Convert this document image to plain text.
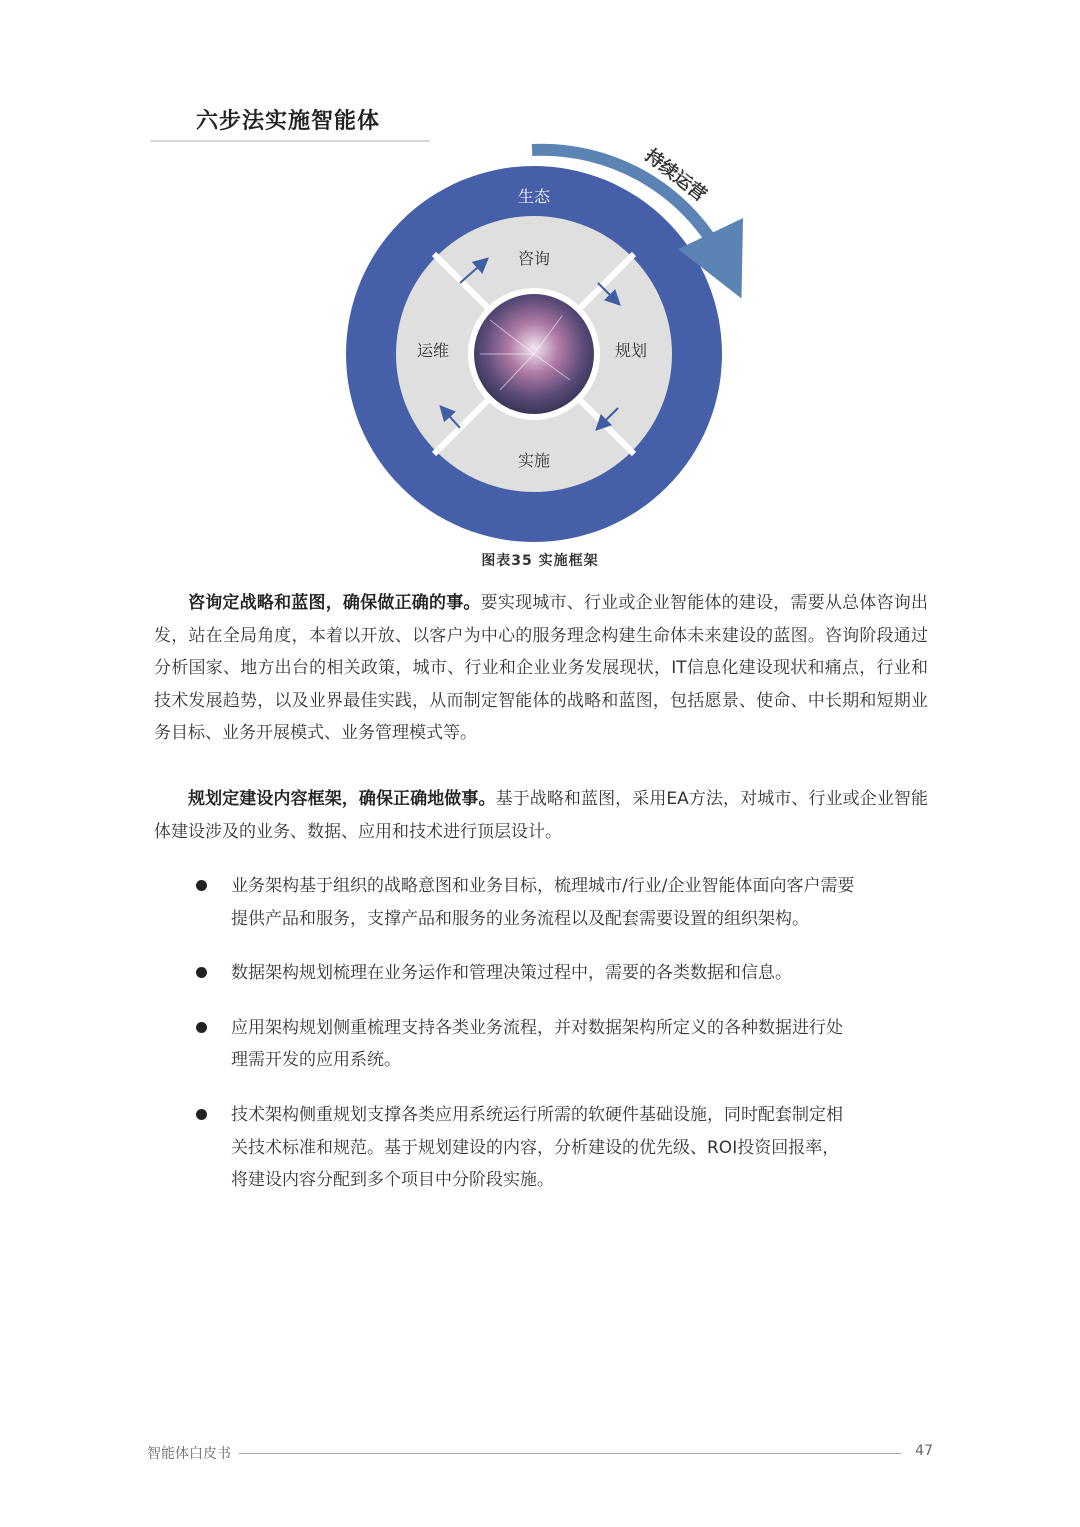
六步法实施智能体
持续运营
生态
咨询
规划
实施
运维
图表35 实施框架

咨询定战略和蓝图，确保做正确的事。要实现城市、行业或企业智能体的建设，需要从总体咨询出发，站在全局角度，本着以开放、以客户为中心的服务理念构建生命体未来建设的蓝图。咨询阶段通过分析国家、地方出台的相关政策，城市、行业和企业业务发展现状，IT信息化建设现状和痛点，行业和技术发展趋势，以及业界最佳实践，从而制定智能体的战略和蓝图，包括愿景、使命、中长期和短期业务目标、业务开展模式、业务管理模式等。

规划定建设内容框架，确保正确地做事。基于战略和蓝图，采用EA方法，对城市、行业或企业智能体建设涉及的业务、数据、应用和技术进行顶层设计。

业务架构基于组织的战略意图和业务目标，梳理城市/行业/企业智能体面向客户需要提供产品和服务，支撑产品和服务的业务流程以及配套需要设置的组织架构。
数据架构规划梳理在业务运作和管理决策过程中，需要的各类数据和信息。
应用架构规划侧重梳理支持各类业务流程，并对数据架构所定义的各种数据进行处理需开发的应用系统。
技术架构侧重规划支撑各类应用系统运行所需的软硬件基础设施，同时配套制定相关技术标准和规范。基于规划建设的内容，分析建设的优先级、ROI投资回报率，将建设内容分配到多个项目中分阶段实施。
智能体白皮书	47
